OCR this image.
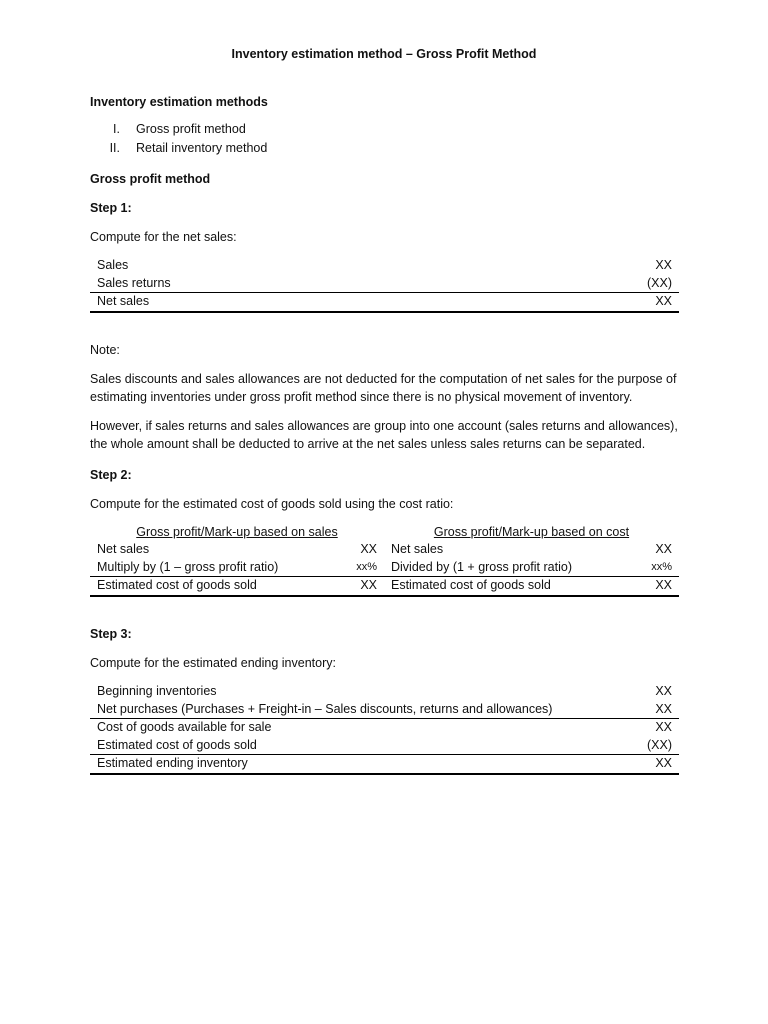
Inventory estimation method – Gross Profit Method
Inventory estimation methods
I. Gross profit method
II. Retail inventory method
Gross profit method
Step 1:
Compute for the net sales:
Sales	XX
Sales returns	(XX)
Net sales	XX
Note:
Sales discounts and sales allowances are not deducted for the computation of net sales for the purpose of estimating inventories under gross profit method since there is no physical movement of inventory.
However, if sales returns and sales allowances are group into one account (sales returns and allowances), the whole amount shall be deducted to arrive at the net sales unless sales returns can be separated.
Step 2:
Compute for the estimated cost of goods sold using the cost ratio:
Gross profit/Mark-up based on sales
Net sales	XX
Multiply by (1 – gross profit ratio)	xx%
Estimated cost of goods sold	XX
Gross profit/Mark-up based on cost
Net sales	XX
Divided by (1 + gross profit ratio)	xx%
Estimated cost of goods sold	XX
Step 3:
Compute for the estimated ending inventory:
Beginning inventories	XX
Net purchases (Purchases + Freight-in – Sales discounts, returns and allowances)	XX
Cost of goods available for sale	XX
Estimated cost of goods sold	(XX)
Estimated ending inventory	XX
